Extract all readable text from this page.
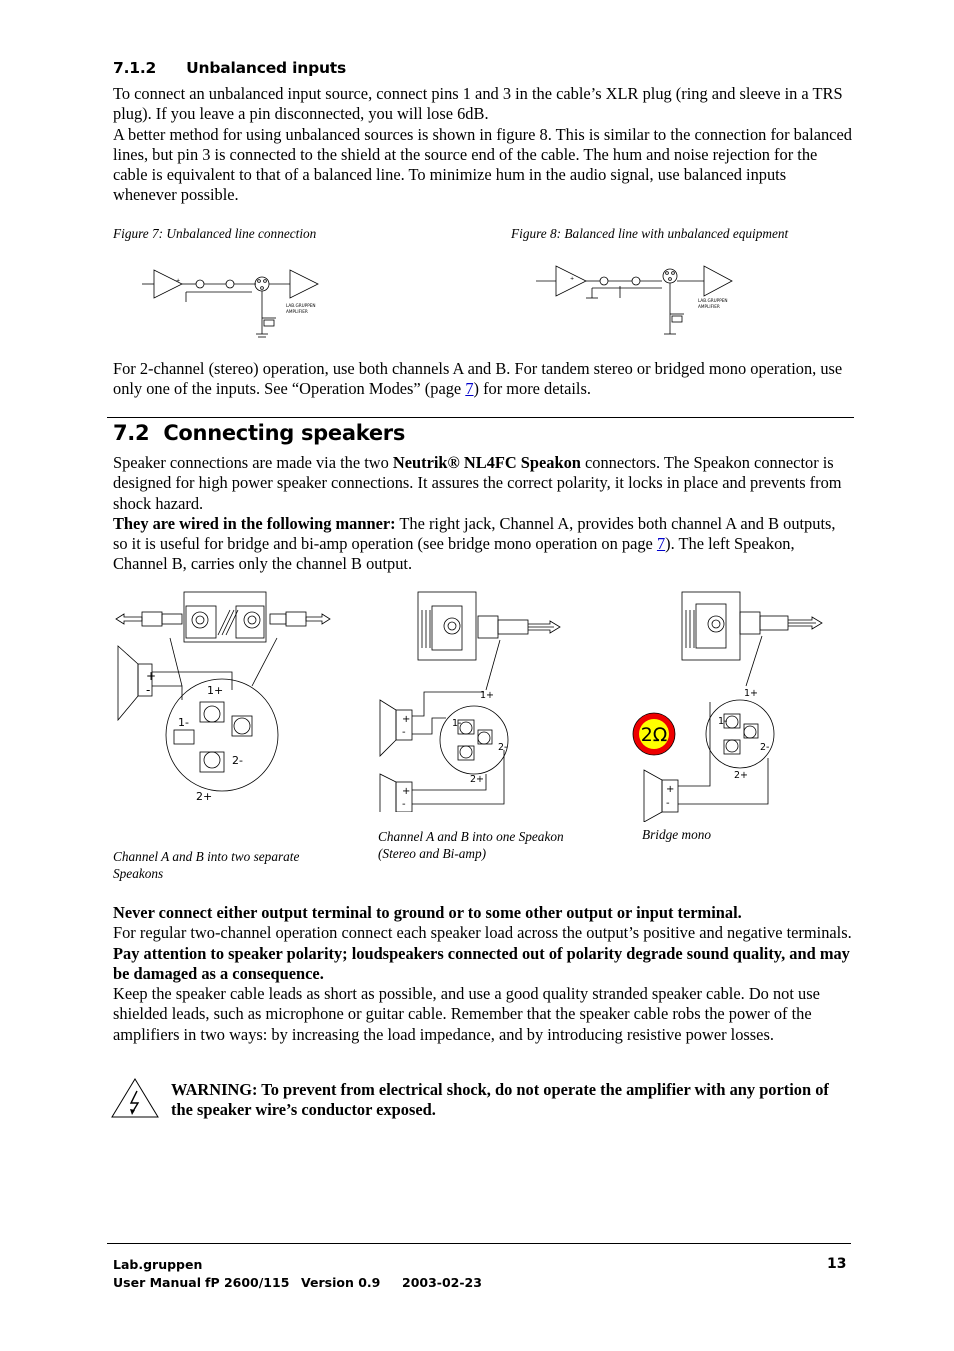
7.1.2 Unbalanced inputs

To connect an unbalanced input source, connect pins 1 and 3 in the cable’s XLR plug (ring and sleeve in a TRS plug). If you leave a pin disconnected, you will lose 6dB.

A better method for using unbalanced sources is shown in figure 8. This is similar to the connection for balanced lines, but pin 3 is connected to the shield at the source end of the cable. The hum and noise rejection for the cable is equivalent to that of a balanced line. To minimize hum in the audio signal, use balanced inputs whenever possible.

Figure 7: Unbalanced line connection	Figure 8: Balanced line with unbalanced equipment
LAB.GRUPPEN
AMPLIFIER
+
LAB.GRUPPEN
AMPLIFIER
+
For 2-channel (stereo) operation, use both channels A and B. For tandem stereo or bridged mono operation, use only one of the inputs. See “Operation Modes” (page 7) for more details.
7.2 Connecting speakers

Speaker connections are made via the two Neutrik® NL4FC Speakon connectors. The Speakon connector is designed for high power speaker connections. It assures the correct polarity, it locks in place and prevents from shock hazard.

They are wired in the following manner: The right jack, Channel A, provides both channel A and B outputs, so it is useful for bridge and bi-amp operation (see bridge mono operation on page 7). The left Speakon, Channel B, carries only the channel B output.

+
-	1+
1-
2-
2+
+
-
1+
1-
2-
2+
+
-
2Ω
1+
1-
2-
2+
+
-
Channel A and B into two separate Speakons
Channel A and B into one Speakon (Stereo and Bi-amp)
Bridge mono

Never connect either output terminal to ground or to some other output or input terminal.

For regular two-channel operation connect each speaker load across the output’s positive and negative terminals. Pay attention to speaker polarity; loudspeakers connected out of polarity degrade sound quality, and may be damaged as a consequence.

Keep the speaker cable leads as short as possible, and use a good quality stranded speaker cable. Do not use shielded leads, such as microphone or guitar cable. Remember that the speaker cable robs the power of the amplifiers in two ways: by increasing the load impedance, and by introducing resistive power losses.

WARNING: To prevent from electrical shock, do not operate the amplifier with any portion of the speaker wire’s conductor exposed.
Lab.gruppen
User Manual fP 2600/115 Version 0.9 2003-02-23
13
